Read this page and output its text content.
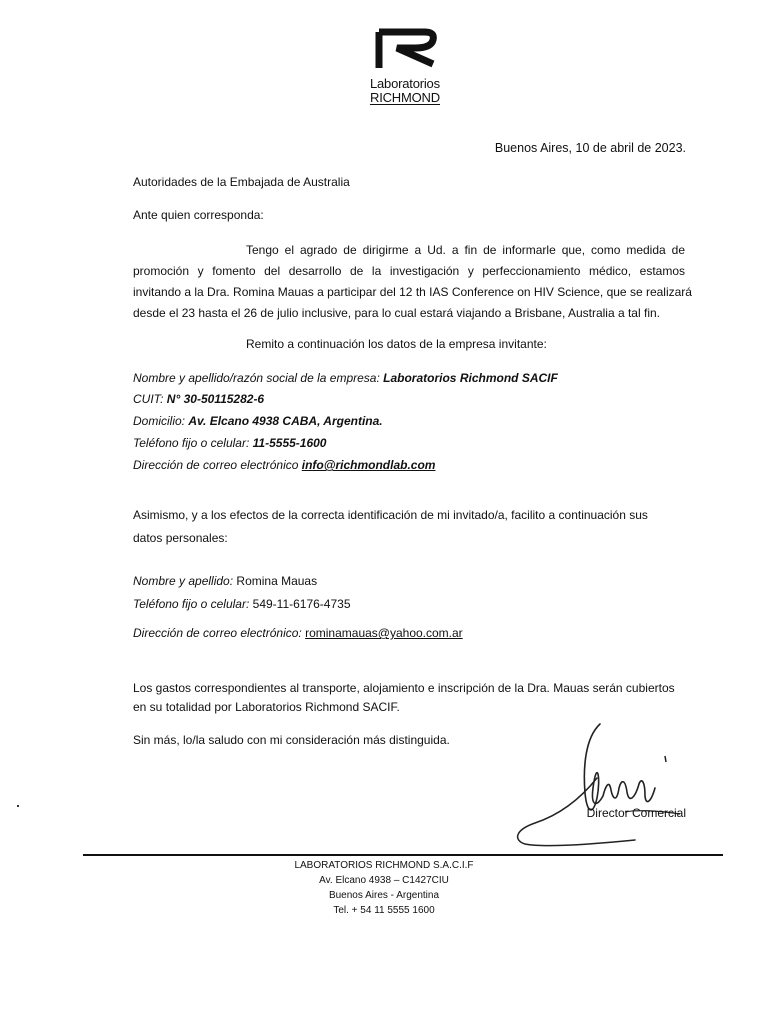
Laboratorios
RICHMOND
Buenos Aires, 10 de abril de 2023.
Autoridades de la Embajada de Australia
Ante quien corresponda:
Tengo el agrado de dirigirme a Ud. a fin de informarle que, como medida de
promoción y fomento del desarrollo de la investigación y perfeccionamiento médico, estamos
invitando a la Dra. Romina Mauas a participar del 12 th IAS Conference on HIV Science, que se realizará
desde el 23 hasta el 26 de julio inclusive, para lo cual estará viajando a Brisbane, Australia a tal fin.
Remito a continuación los datos de la empresa invitante:
Nombre y apellido/razón social de la empresa: Laboratorios Richmond SACIF
CUIT: N° 30-50115282-6
Domicilio: Av. Elcano 4938 CABA, Argentina.
Teléfono fijo o celular: 11-5555-1600
Dirección de correo electrónico info@richmondlab.com
Asimismo, y a los efectos de la correcta identificación de mi invitado/a, facilito a continuación sus
datos personales:
Nombre y apellido: Romina Mauas
Teléfono fijo o celular: 549-11-6176-4735
Dirección de correo electrónico: rominamauas@yahoo.com.ar
Los gastos correspondientes al transporte, alojamiento e inscripción de la Dra. Mauas serán cubiertos
en su totalidad por Laboratorios Richmond SACIF.
Sin más, lo/la saludo con mi consideración más distinguida.
Director Comercial
LABORATORIOS RICHMOND S.A.C.I.F
Av. Elcano 4938 – C1427CIU
Buenos Aires - Argentina
Tel. + 54 11 5555 1600
